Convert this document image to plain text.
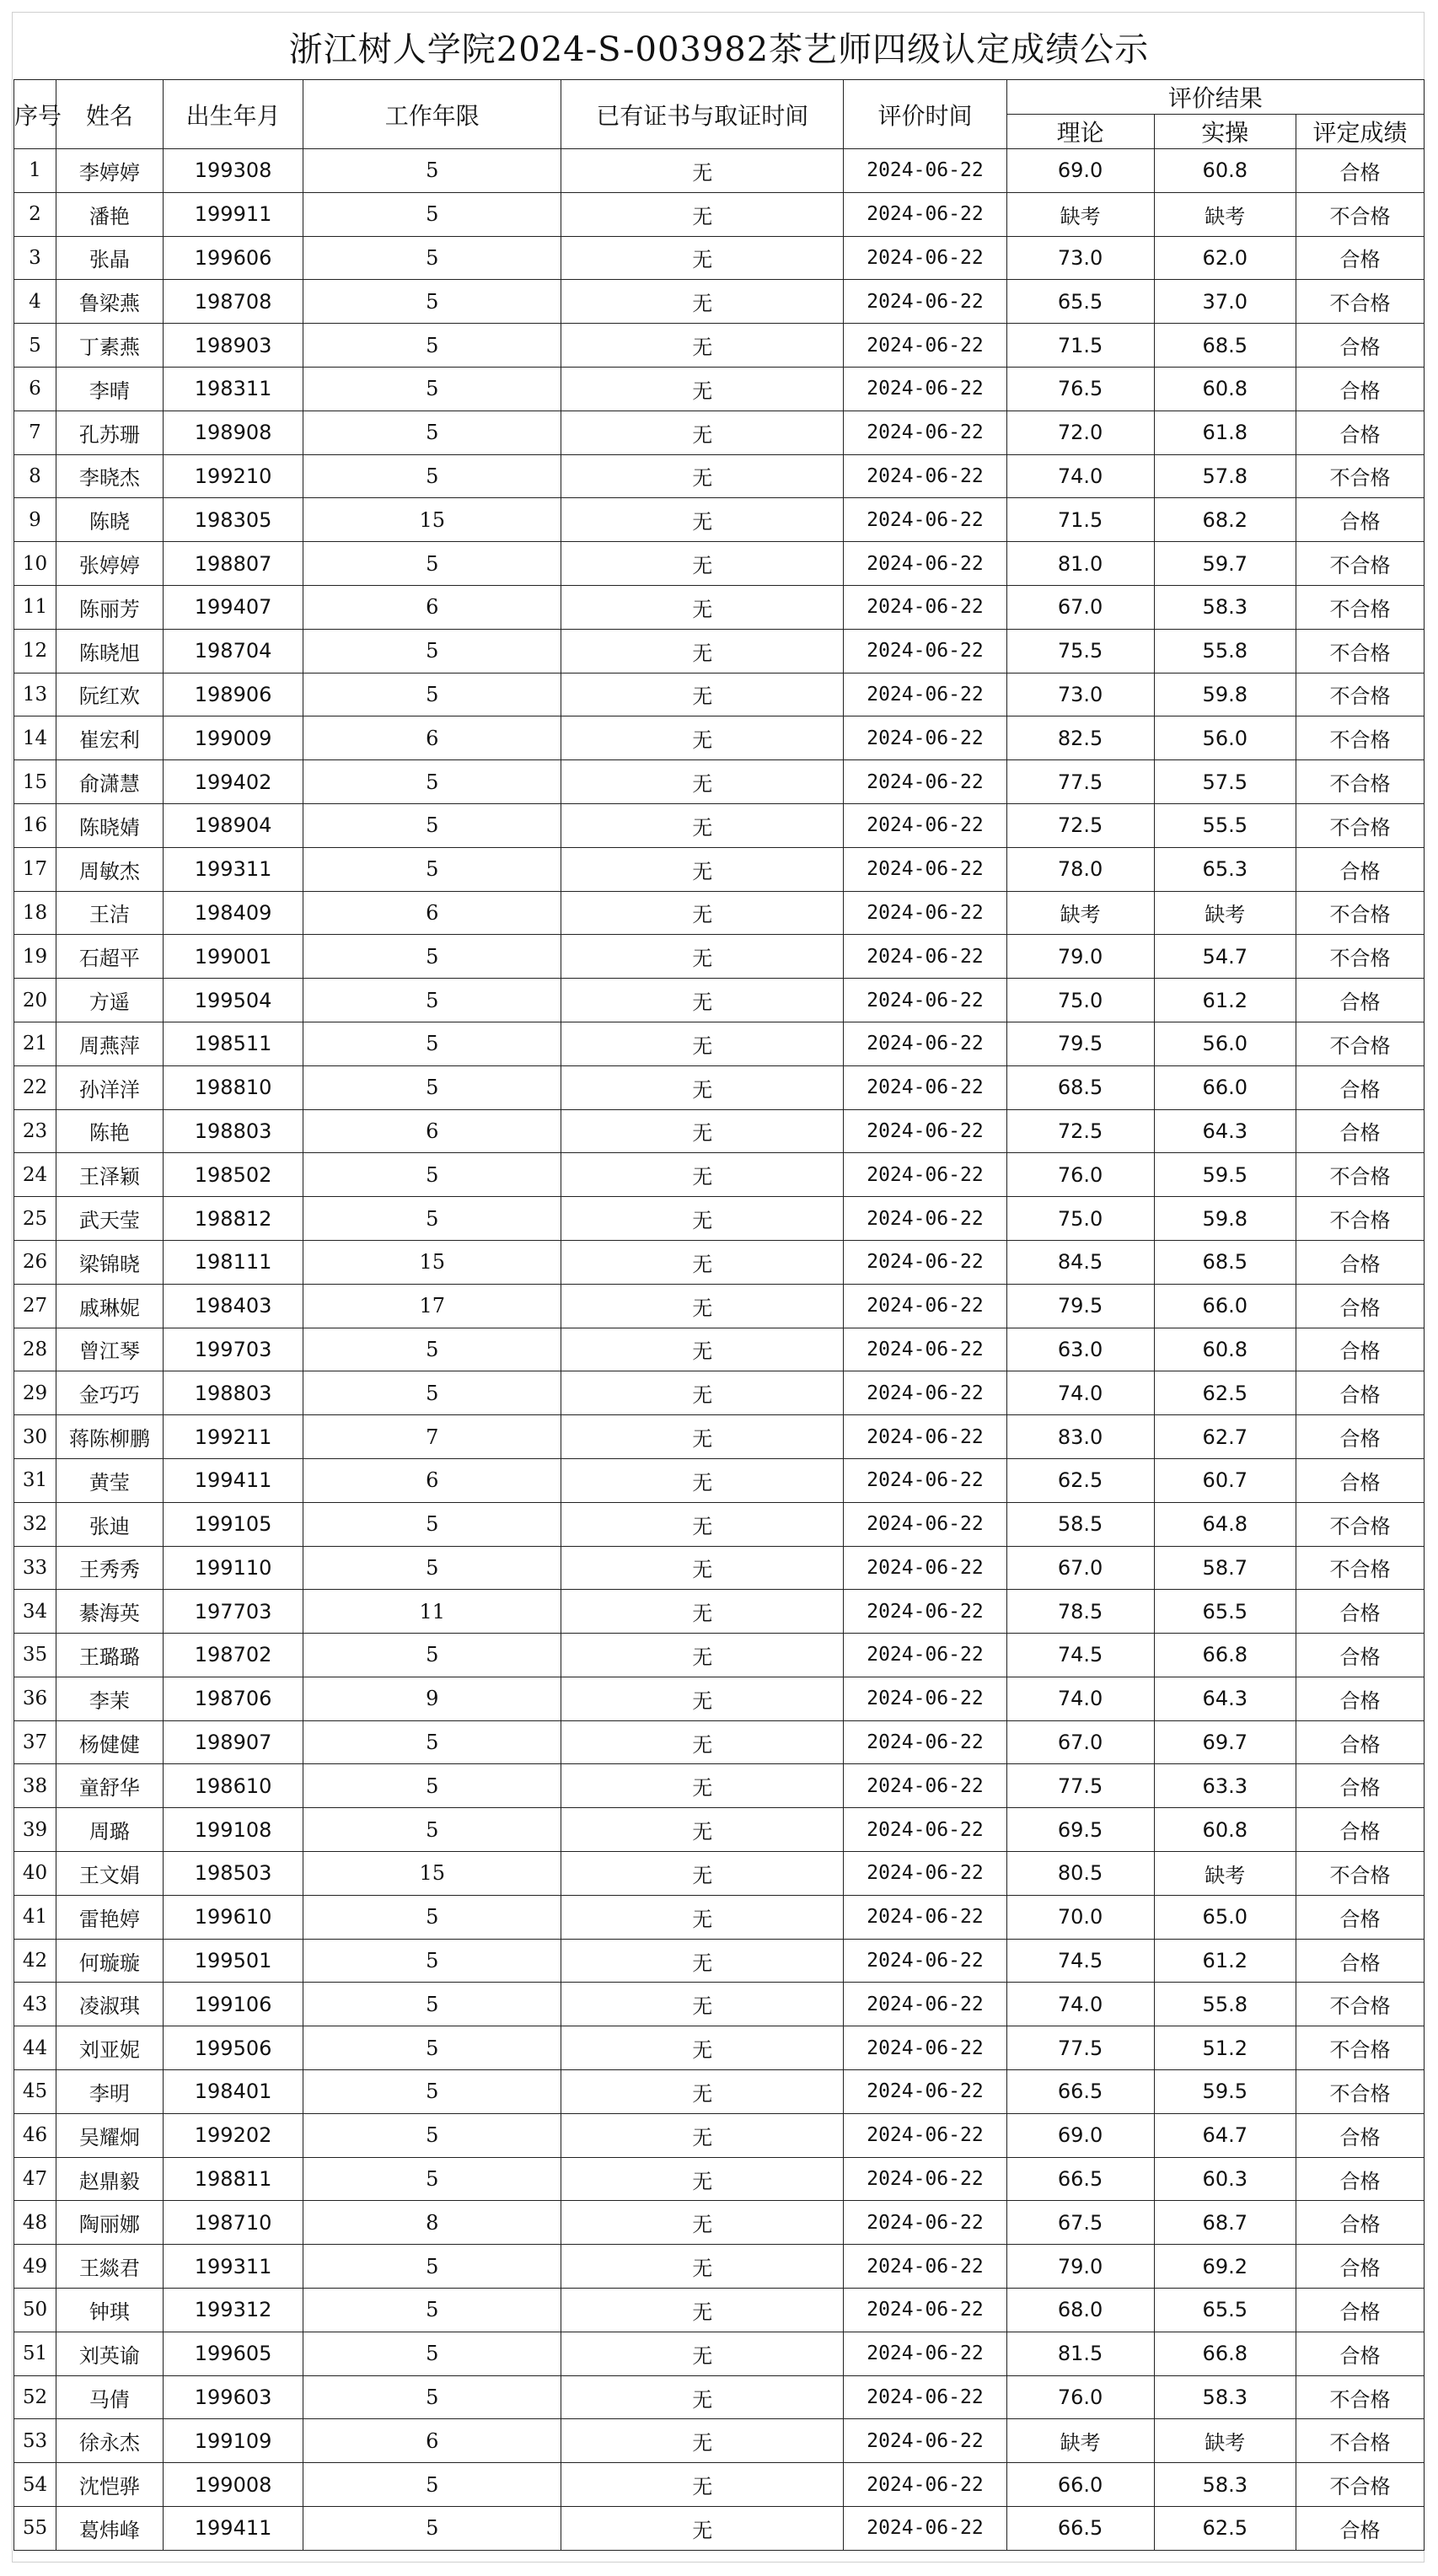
浙江树人学院2024-S-003982茶艺师四级认定成绩公示
序号	姓名	出生年月	工作年限	已有证书与取证时间	评价时间	评价结果		
						理论	实操	评定成绩
1	李婷婷	199308	5	无	2024-06-22	69.0	60.8	合格
2	潘艳	199911	5	无	2024-06-22	缺考	缺考	不合格
3	张晶	199606	5	无	2024-06-22	73.0	62.0	合格
4	鲁梁燕	198708	5	无	2024-06-22	65.5	37.0	不合格
5	丁素燕	198903	5	无	2024-06-22	71.5	68.5	合格
6	李晴	198311	5	无	2024-06-22	76.5	60.8	合格
7	孔苏珊	198908	5	无	2024-06-22	72.0	61.8	合格
8	李晓杰	199210	5	无	2024-06-22	74.0	57.8	不合格
9	陈晓	198305	15	无	2024-06-22	71.5	68.2	合格
10	张婷婷	198807	5	无	2024-06-22	81.0	59.7	不合格
11	陈丽芳	199407	6	无	2024-06-22	67.0	58.3	不合格
12	陈晓旭	198704	5	无	2024-06-22	75.5	55.8	不合格
13	阮红欢	198906	5	无	2024-06-22	73.0	59.8	不合格
14	崔宏利	199009	6	无	2024-06-22	82.5	56.0	不合格
15	俞潇慧	199402	5	无	2024-06-22	77.5	57.5	不合格
16	陈晓婧	198904	5	无	2024-06-22	72.5	55.5	不合格
17	周敏杰	199311	5	无	2024-06-22	78.0	65.3	合格
18	王洁	198409	6	无	2024-06-22	缺考	缺考	不合格
19	石超平	199001	5	无	2024-06-22	79.0	54.7	不合格
20	方遥	199504	5	无	2024-06-22	75.0	61.2	合格
21	周燕萍	198511	5	无	2024-06-22	79.5	56.0	不合格
22	孙洋洋	198810	5	无	2024-06-22	68.5	66.0	合格
23	陈艳	198803	6	无	2024-06-22	72.5	64.3	合格
24	王泽颖	198502	5	无	2024-06-22	76.0	59.5	不合格
25	武天莹	198812	5	无	2024-06-22	75.0	59.8	不合格
26	梁锦晓	198111	15	无	2024-06-22	84.5	68.5	合格
27	戚琳妮	198403	17	无	2024-06-22	79.5	66.0	合格
28	曾江琴	199703	5	无	2024-06-22	63.0	60.8	合格
29	金巧巧	198803	5	无	2024-06-22	74.0	62.5	合格
30	蒋陈柳鹏	199211	7	无	2024-06-22	83.0	62.7	合格
31	黄莹	199411	6	无	2024-06-22	62.5	60.7	合格
32	张迪	199105	5	无	2024-06-22	58.5	64.8	不合格
33	王秀秀	199110	5	无	2024-06-22	67.0	58.7	不合格
34	綦海英	197703	11	无	2024-06-22	78.5	65.5	合格
35	王璐璐	198702	5	无	2024-06-22	74.5	66.8	合格
36	李茉	198706	9	无	2024-06-22	74.0	64.3	合格
37	杨健健	198907	5	无	2024-06-22	67.0	69.7	合格
38	童舒华	198610	5	无	2024-06-22	77.5	63.3	合格
39	周璐	199108	5	无	2024-06-22	69.5	60.8	合格
40	王文娟	198503	15	无	2024-06-22	80.5	缺考	不合格
41	雷艳婷	199610	5	无	2024-06-22	70.0	65.0	合格
42	何璇璇	199501	5	无	2024-06-22	74.5	61.2	合格
43	凌淑琪	199106	5	无	2024-06-22	74.0	55.8	不合格
44	刘亚妮	199506	5	无	2024-06-22	77.5	51.2	不合格
45	李明	198401	5	无	2024-06-22	66.5	59.5	不合格
46	吴耀炯	199202	5	无	2024-06-22	69.0	64.7	合格
47	赵鼎毅	198811	5	无	2024-06-22	66.5	60.3	合格
48	陶丽娜	198710	8	无	2024-06-22	67.5	68.7	合格
49	王燚君	199311	5	无	2024-06-22	79.0	69.2	合格
50	钟琪	199312	5	无	2024-06-22	68.0	65.5	合格
51	刘英谕	199605	5	无	2024-06-22	81.5	66.8	合格
52	马倩	199603	5	无	2024-06-22	76.0	58.3	不合格
53	徐永杰	199109	6	无	2024-06-22	缺考	缺考	不合格
54	沈恺骅	199008	5	无	2024-06-22	66.0	58.3	不合格
55	葛炜峰	199411	5	无	2024-06-22	66.5	62.5	合格
